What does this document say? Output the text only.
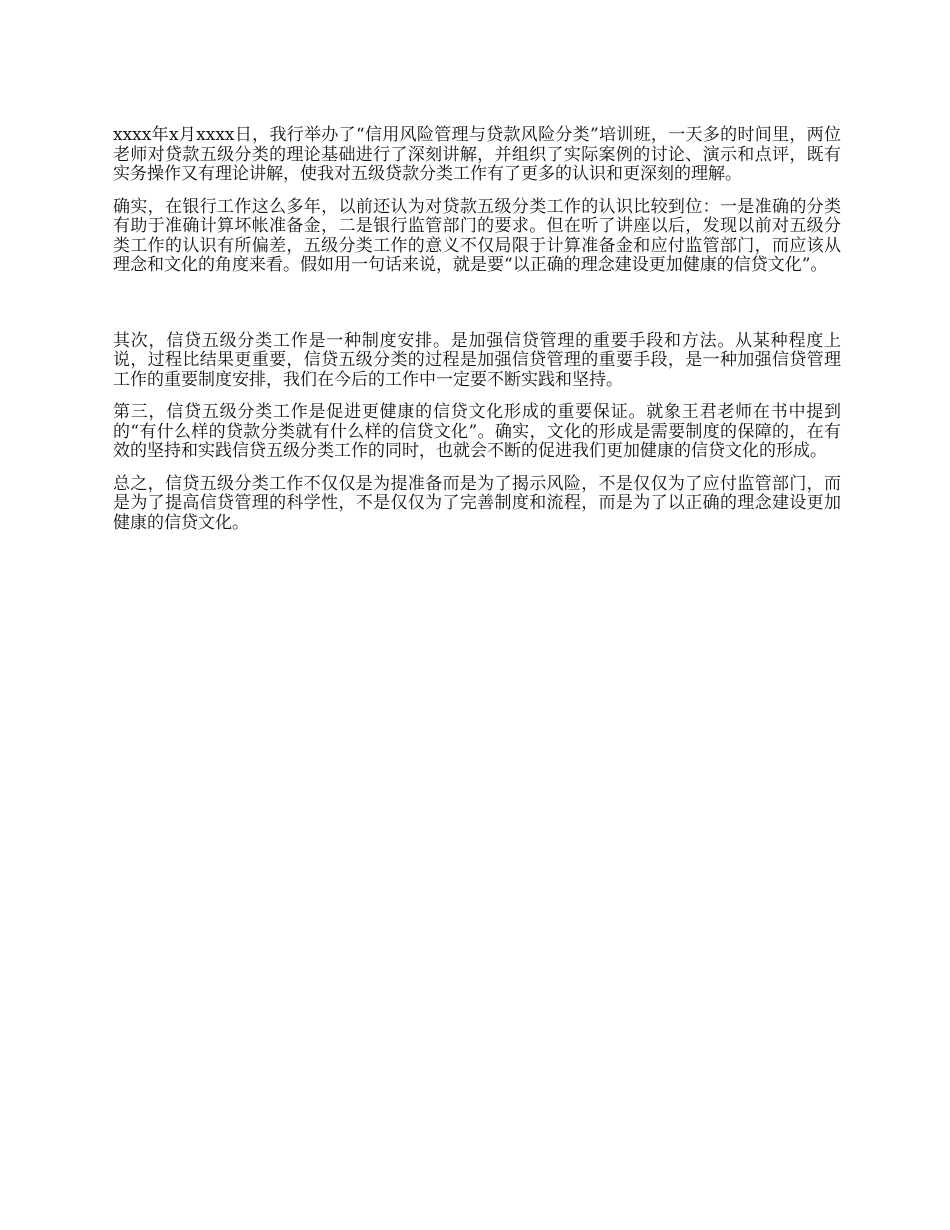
xxxx年x月xxxx日，我行举办了“信用风险管理与贷款风险分类”培训班，一天多的时间里，两位老师对贷款五级分类的理论基础进行了深刻讲解，并组织了实际案例的讨论、演示和点评，既有实务操作又有理论讲解，使我对五级贷款分类工作有了更多的认识和更深刻的理解。

确实，在银行工作这么多年，以前还认为对贷款五级分类工作的认识比较到位：一是准确的分类有助于准确计算坏帐准备金，二是银行监管部门的要求。但在听了讲座以后，发现以前对五级分类工作的认识有所偏差，五级分类工作的意义不仅局限于计算准备金和应付监管部门，而应该从理念和文化的角度来看。假如用一句话来说，就是要“以正确的理念建设更加健康的信贷文化”。

其次，信贷五级分类工作是一种制度安排。是加强信贷管理的重要手段和方法。从某种程度上说，过程比结果更重要，信贷五级分类的过程是加强信贷管理的重要手段，是一种加强信贷管理工作的重要制度安排，我们在今后的工作中一定要不断实践和坚持。

第三，信贷五级分类工作是促进更健康的信贷文化形成的重要保证。就象王君老师在书中提到的“有什么样的贷款分类就有什么样的信贷文化”。确实，文化的形成是需要制度的保障的，在有效的坚持和实践信贷五级分类工作的同时，也就会不断的促进我们更加健康的信贷文化的形成。

总之，信贷五级分类工作不仅仅是为提准备而是为了揭示风险，不是仅仅为了应付监管部门，而是为了提高信贷管理的科学性，不是仅仅为了完善制度和流程，而是为了以正确的理念建设更加健康的信贷文化。
